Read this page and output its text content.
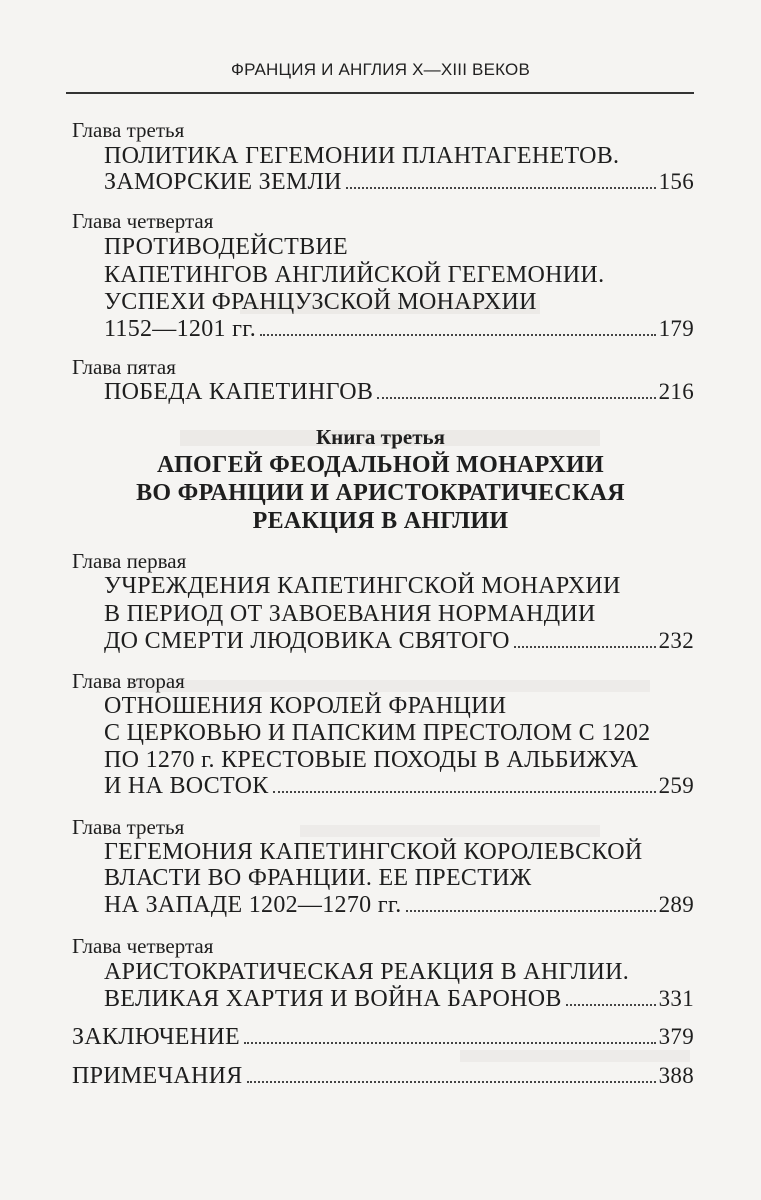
ФРАНЦИЯ И АНГЛИЯ X—XIII ВЕКОВ
Глава третья
ПОЛИТИКА ГЕГЕМОНИИ ПЛАНТАГЕНЕТОВ.
ЗАМОРСКИЕ ЗЕМЛИ	156
Глава четвертая
ПРОТИВОДЕЙСТВИЕ
КАПЕТИНГОВ АНГЛИЙСКОЙ ГЕГЕМОНИИ.
УСПЕХИ ФРАНЦУЗСКОЙ МОНАРХИИ
1152—1201 гг.	179
Глава пятая
ПОБЕДА КАПЕТИНГОВ	216
Книга третья
АПОГЕЙ ФЕОДАЛЬНОЙ МОНАРХИИ
ВО ФРАНЦИИ И АРИСТОКРАТИЧЕСКАЯ
РЕАКЦИЯ В АНГЛИИ
Глава первая
УЧРЕЖДЕНИЯ КАПЕТИНГСКОЙ МОНАРХИИ
В ПЕРИОД ОТ ЗАВОЕВАНИЯ НОРМАНДИИ
ДО СМЕРТИ ЛЮДОВИКА СВЯТОГО	232
Глава вторая
ОТНОШЕНИЯ КОРОЛЕЙ ФРАНЦИИ
С ЦЕРКОВЬЮ И ПАПСКИМ ПРЕСТОЛОМ С 1202
ПО 1270 г. КРЕСТОВЫЕ ПОХОДЫ В АЛЬБИЖУА
И НА ВОСТОК	259
Глава третья
ГЕГЕМОНИЯ КАПЕТИНГСКОЙ КОРОЛЕВСКОЙ
ВЛАСТИ ВО ФРАНЦИИ. ЕЕ ПРЕСТИЖ
НА ЗАПАДЕ 1202—1270 гг.	289
Глава четвертая
АРИСТОКРАТИЧЕСКАЯ РЕАКЦИЯ В АНГЛИИ.
ВЕЛИКАЯ ХАРТИЯ И ВОЙНА БАРОНОВ	331
ЗАКЛЮЧЕНИЕ	379
ПРИМЕЧАНИЯ	388
